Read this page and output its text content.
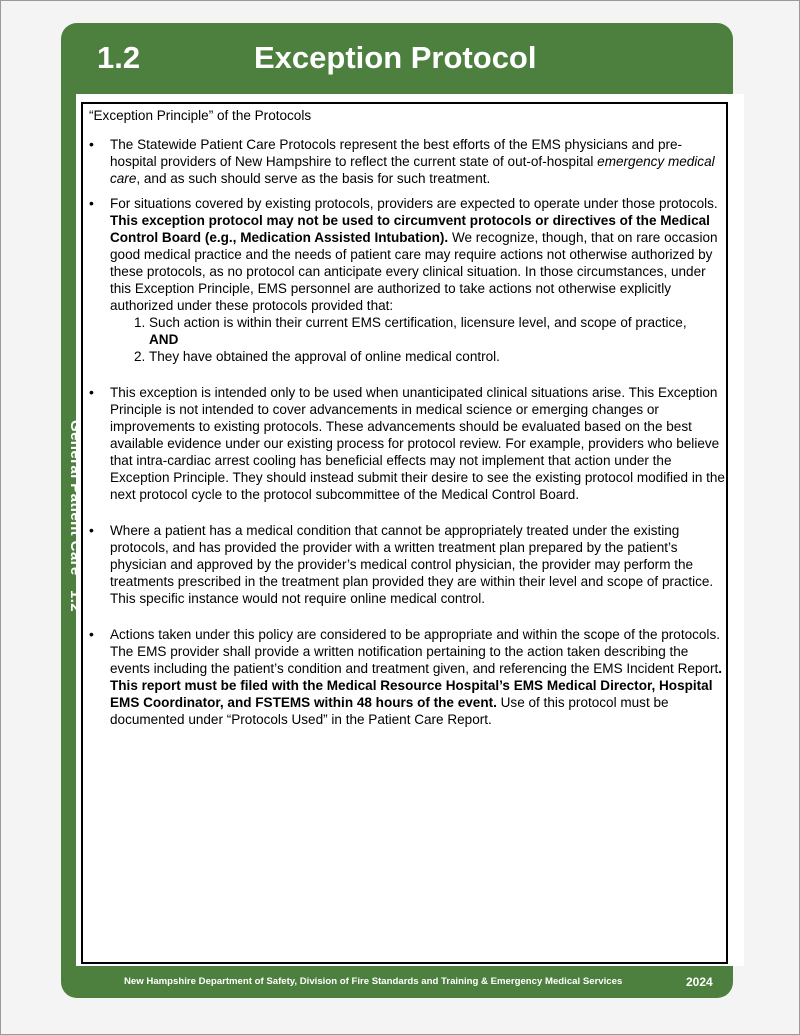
1.2	Exception Protocol

“Exception Principle” of the Protocols

• The Statewide Patient Care Protocols represent the best efforts of the EMS physicians and pre-hospital providers of New Hampshire to reflect the current state of out-of-hospital emergency medical care, and as such should serve as the basis for such treatment.
• For situations covered by existing protocols, providers are expected to operate under those protocols. This exception protocol may not be used to circumvent protocols or directives of the Medical Control Board (e.g., Medication Assisted Intubation). We recognize, though, that on rare occasion good medical practice and the needs of patient care may require actions not otherwise authorized by these protocols, as no protocol can anticipate every clinical situation. In those circumstances, under this Exception Principle, EMS personnel are authorized to take actions not otherwise explicitly authorized under these protocols provided that:
1. Such action is within their current EMS certification, licensure level, and scope of practice,
AND
2. They have obtained the approval of online medical control.
• This exception is intended only to be used when unanticipated clinical situations arise. This Exception Principle is not intended to cover advancements in medical science or emerging changes or improvements to existing protocols. These advancements should be evaluated based on the best available evidence under our existing process for protocol review. For example, providers who believe that intra-cardiac arrest cooling has beneficial effects may not implement that action under the Exception Principle. They should instead submit their desire to see the existing protocol modified in the next protocol cycle to the protocol subcommittee of the Medical Control Board.
• Where a patient has a medical condition that cannot be appropriately treated under the existing protocols, and has provided the provider with a written treatment plan prepared by the patient’s physician and approved by the provider’s medical control physician, the provider may perform the treatments prescribed in the treatment plan provided they are within their level and scope of practice. This specific instance would not require online medical control.
• Actions taken under this policy are considered to be appropriate and within the scope of the protocols. The EMS provider shall provide a written notification pertaining to the action taken describing the events including the patient’s condition and treatment given, and referencing the EMS Incident Report. This report must be filed with the Medical Resource Hospital’s EMS Medical Director, Hospital EMS Coordinator, and FSTEMS within 48 hours of the event. Use of this protocol must be documented under “Protocols Used” in the Patient Care Report.
New Hampshire Department of Safety, Division of Fire Standards and Training & Emergency Medical Services	2024
